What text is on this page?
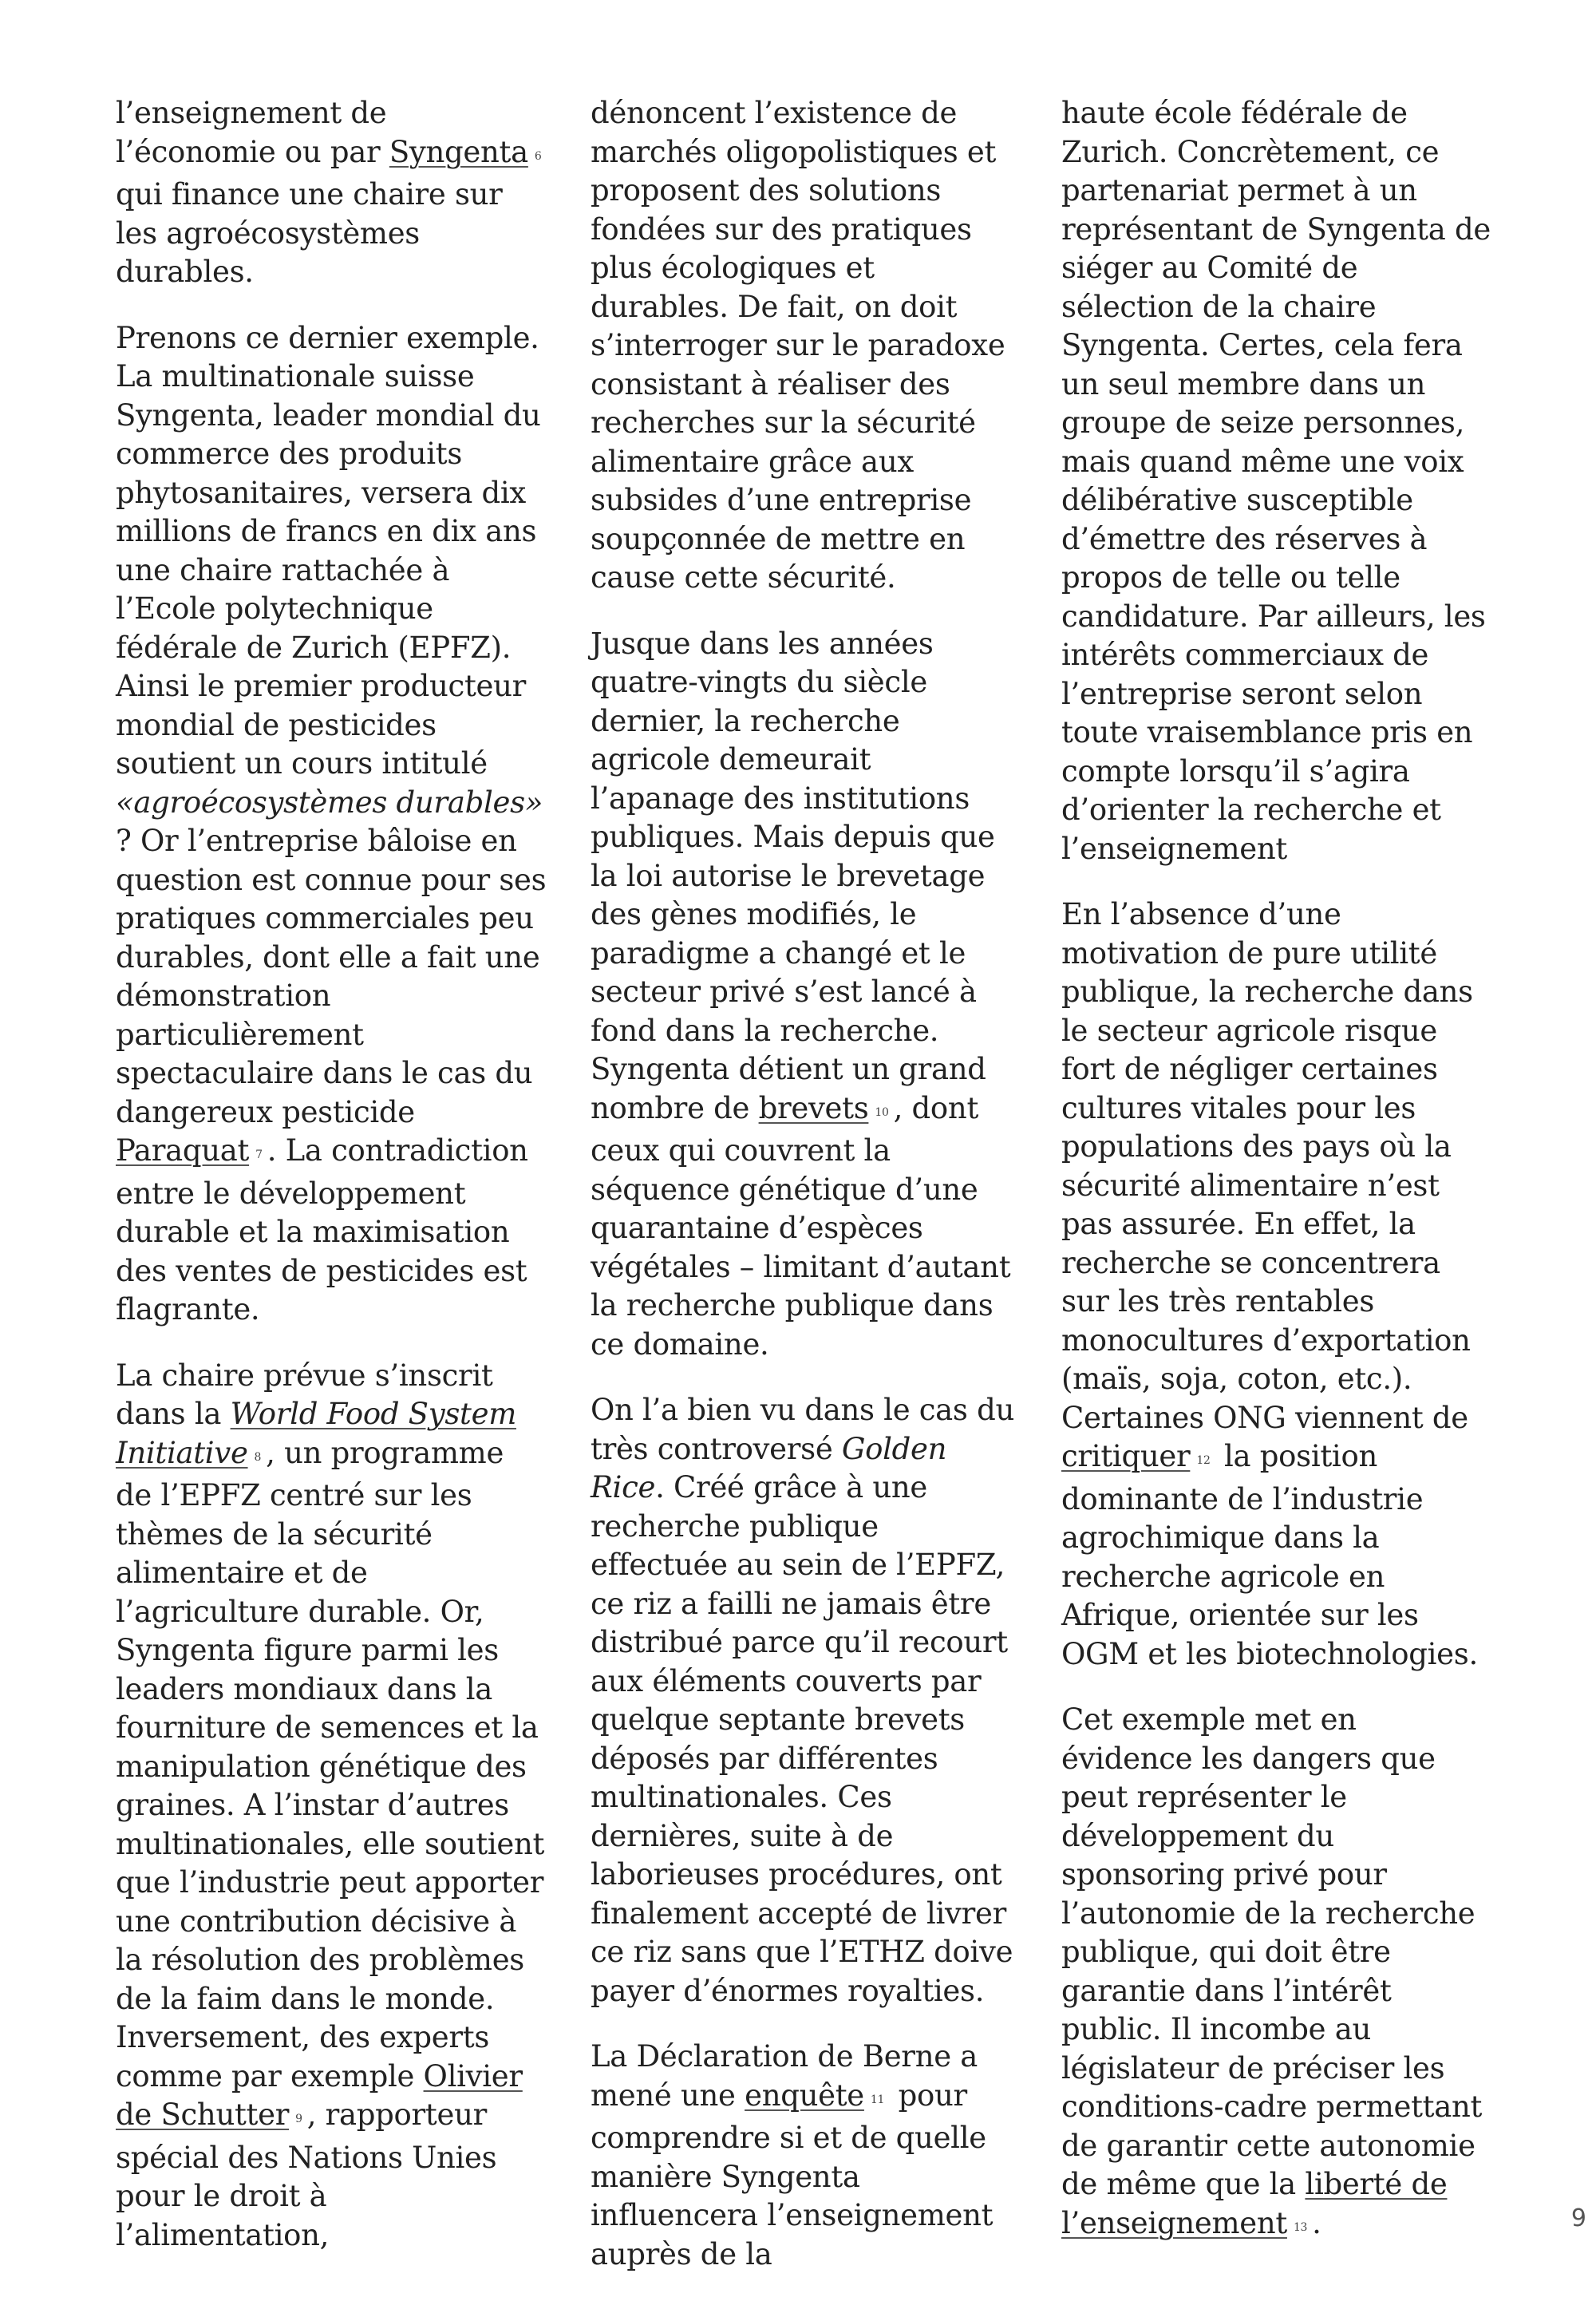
l’enseignement de l’économie ou par Syngenta 6 qui finance une chaire sur les agroécosystèmes durables.

Prenons ce dernier exemple. La multinationale suisse Syngenta, leader mondial du commerce des produits phytosanitaires, versera dix millions de francs en dix ans une chaire rattachée à l’Ecole polytechnique fédérale de Zurich (EPFZ). Ainsi le premier producteur mondial de pesticides soutient un cours intitulé «agroécosystèmes durables» ? Or l’entreprise bâloise en question est connue pour ses pratiques commerciales peu durables, dont elle a fait une démonstration particulièrement spectaculaire dans le cas du dangereux pesticide Paraquat 7 . La contradiction entre le développement durable et la maximisation des ventes de pesticides est flagrante.

La chaire prévue s’inscrit dans la World Food System Initiative 8 , un programme de l’EPFZ centré sur les thèmes de la sécurité alimentaire et de l’agriculture durable. Or, Syngenta figure parmi les leaders mondiaux dans la fourniture de semences et la manipulation génétique des graines. A l’instar d’autres multinationales, elle soutient que l’industrie peut apporter une contribution décisive à la résolution des problèmes de la faim dans le monde. Inversement, des experts comme par exemple Olivier de Schutter 9 , rapporteur spécial des Nations Unies pour le droit à l’alimentation,

dénoncent l’existence de marchés oligopolistiques et proposent des solutions fondées sur des pratiques plus écologiques et durables. De fait, on doit s’interroger sur le paradoxe consistant à réaliser des recherches sur la sécurité alimentaire grâce aux subsides d’une entreprise soupçonnée de mettre en cause cette sécurité.

Jusque dans les années quatre-vingts du siècle dernier, la recherche agricole demeurait l’apanage des institutions publiques. Mais depuis que la loi autorise le brevetage des gènes modifiés, le paradigme a changé et le secteur privé s’est lancé à fond dans la recherche. Syngenta détient un grand nombre de brevets 10 , dont ceux qui couvrent la séquence génétique d’une quarantaine d’espèces végétales – limitant d’autant la recherche publique dans ce domaine.

On l’a bien vu dans le cas du très controversé Golden Rice. Créé grâce à une recherche publique effectuée au sein de l’EPFZ, ce riz a failli ne jamais être distribué parce qu’il recourt aux éléments couverts par quelque septante brevets déposés par différentes multinationales. Ces dernières, suite à de laborieuses procédures, ont finalement accepté de livrer ce riz sans que l’ETHZ doive payer d’énormes royalties.

La Déclaration de Berne a mené une enquête 11 pour comprendre si et de quelle manière Syngenta influencera l’enseignement auprès de la

haute école fédérale de Zurich. Concrètement, ce partenariat permet à un représentant de Syngenta de siéger au Comité de sélection de la chaire Syngenta. Certes, cela fera un seul membre dans un groupe de seize personnes, mais quand même une voix délibérative susceptible d’émettre des réserves à propos de telle ou telle candidature. Par ailleurs, les intérêts commerciaux de l’entreprise seront selon toute vraisemblance pris en compte lorsqu’il s’agira d’orienter la recherche et l’enseignement

En l’absence d’une motivation de pure utilité publique, la recherche dans le secteur agricole risque fort de négliger certaines cultures vitales pour les populations des pays où la sécurité alimentaire n’est pas assurée. En effet, la recherche se concentrera sur les très rentables monocultures d’exportation (maïs, soja, coton, etc.). Certaines ONG viennent de critiquer 12 la position dominante de l’industrie agrochimique dans la recherche agricole en Afrique, orientée sur les OGM et les biotechnologies.

Cet exemple met en évidence les dangers que peut représenter le développement du sponsoring privé pour l’autonomie de la recherche publique, qui doit être garantie dans l’intérêt public. Il incombe au législateur de préciser les conditions-cadre permettant de garantir cette autonomie de même que la liberté de l’enseignement 13 .	9
